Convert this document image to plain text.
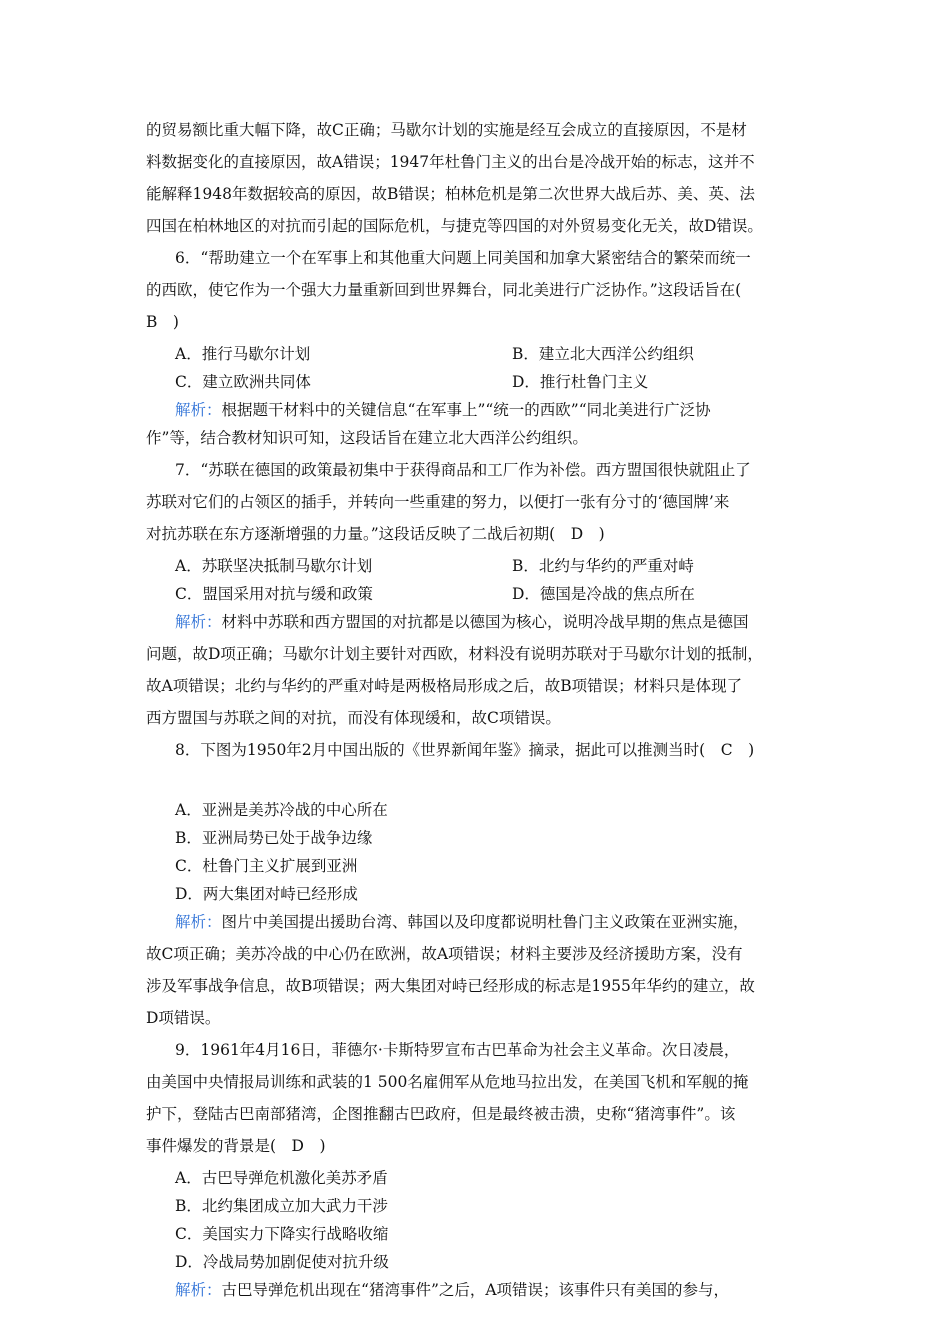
的贸易额比重大幅下降，故C正确；马歇尔计划的实施是经互会成立的直接原因，不是材
料数据变化的直接原因，故A错误；1947年杜鲁门主义的出台是冷战开始的标志，这并不
能解释1948年数据较高的原因，故B错误；柏林危机是第二次世界大战后苏、美、英、法
四国在柏林地区的对抗而引起的国际危机，与捷克等四国的对外贸易变化无关，故D错误。
6．“帮助建立一个在军事上和其他重大问题上同美国和加拿大紧密结合的繁荣而统一
的西欧，使它作为一个强大力量重新回到世界舞台，同北美进行广泛协作。”这段话旨在(
B　)
A．推行马歇尔计划	B．建立北大西洋公约组织
C．建立欧洲共同体	D．推行杜鲁门主义
解析：根据题干材料中的关键信息“在军事上”“统一的西欧”“同北美进行广泛协
作”等，结合教材知识可知，这段话旨在建立北大西洋公约组织。
7．“苏联在德国的政策最初集中于获得商品和工厂作为补偿。西方盟国很快就阻止了
苏联对它们的占领区的插手，并转向一些重建的努力，以便打一张有分寸的‘德国牌’来
对抗苏联在东方逐渐增强的力量。”这段话反映了二战后初期(　D　)
A．苏联坚决抵制马歇尔计划	B．北约与华约的严重对峙
C．盟国采用对抗与缓和政策	D．德国是冷战的焦点所在
解析：材料中苏联和西方盟国的对抗都是以德国为核心，说明冷战早期的焦点是德国
问题，故D项正确；马歇尔计划主要针对西欧，材料没有说明苏联对于马歇尔计划的抵制，
故A项错误；北约与华约的严重对峙是两极格局形成之后，故B项错误；材料只是体现了
西方盟国与苏联之间的对抗，而没有体现缓和，故C项错误。
8．下图为1950年2月中国出版的《世界新闻年鉴》摘录，据此可以推测当时(　C　)
A．亚洲是美苏冷战的中心所在
B．亚洲局势已处于战争边缘
C．杜鲁门主义扩展到亚洲
D．两大集团对峙已经形成
解析：图片中美国提出援助台湾、韩国以及印度都说明杜鲁门主义政策在亚洲实施，
故C项正确；美苏冷战的中心仍在欧洲，故A项错误；材料主要涉及经济援助方案，没有
涉及军事战争信息，故B项错误；两大集团对峙已经形成的标志是1955年华约的建立，故
D项错误。
9．1961年4月16日，菲德尔·卡斯特罗宣布古巴革命为社会主义革命。次日凌晨，
由美国中央情报局训练和武装的1 500名雇佣军从危地马拉出发，在美国飞机和军舰的掩
护下，登陆古巴南部猪湾，企图推翻古巴政府，但是最终被击溃，史称“猪湾事件”。该
事件爆发的背景是(　D　)
A．古巴导弹危机激化美苏矛盾
B．北约集团成立加大武力干涉
C．美国实力下降实行战略收缩
D．冷战局势加剧促使对抗升级
解析：古巴导弹危机出现在“猪湾事件”之后，A项错误；该事件只有美国的参与，
